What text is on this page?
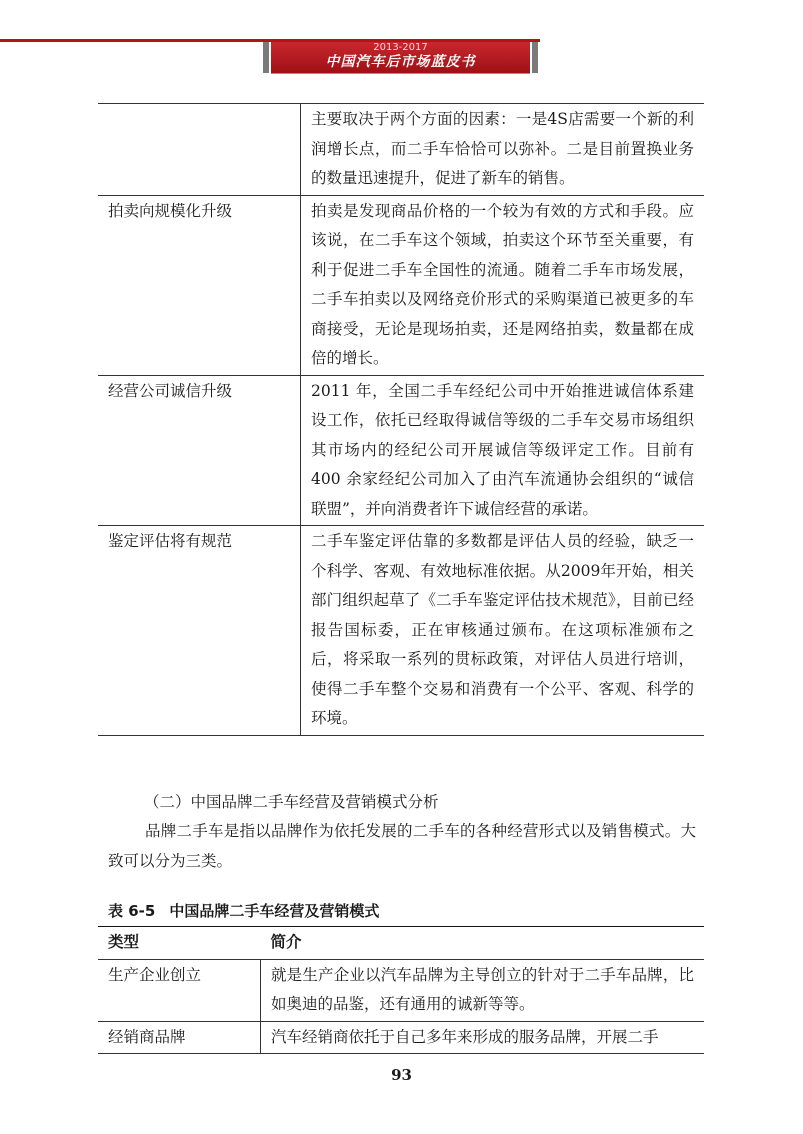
2013-2017
中国汽车后市场蓝皮书
	主要取决于两个方面的因素：一是4S店需要一个新的利润增长点，而二手车恰恰可以弥补。二是目前置换业务的数量迅速提升，促进了新车的销售。
拍卖向规模化升级	拍卖是发现商品价格的一个较为有效的方式和手段。应该说，在二手车这个领域，拍卖这个环节至关重要，有利于促进二手车全国性的流通。随着二手车市场发展，二手车拍卖以及网络竞价形式的采购渠道已被更多的车商接受，无论是现场拍卖，还是网络拍卖，数量都在成倍的增长。
经营公司诚信升级	2011 年，全国二手车经纪公司中开始推进诚信体系建设工作，依托已经取得诚信等级的二手车交易市场组织其市场内的经纪公司开展诚信等级评定工作。目前有 400 余家经纪公司加入了由汽车流通协会组织的“诚信联盟”，并向消费者许下诚信经营的承诺。
鉴定评估将有规范	二手车鉴定评估靠的多数都是评估人员的经验，缺乏一个科学、客观、有效地标准依据。从2009年开始，相关部门组织起草了《二手车鉴定评估技术规范》，目前已经报告国标委，正在审核通过颁布。在这项标准颁布之后，将采取一系列的贯标政策，对评估人员进行培训，使得二手车整个交易和消费有一个公平、客观、科学的环境。
（二）中国品牌二手车经营及营销模式分析
品牌二手车是指以品牌作为依托发展的二手车的各种经营形式以及销售模式。大致可以分为三类。
表 6-5 中国品牌二手车经营及营销模式
类型	简介
生产企业创立	就是生产企业以汽车品牌为主导创立的针对于二手车品牌，比如奥迪的品鉴，还有通用的诚新等等。
经销商品牌	汽车经销商依托于自己多年来形成的服务品牌，开展二手
93
